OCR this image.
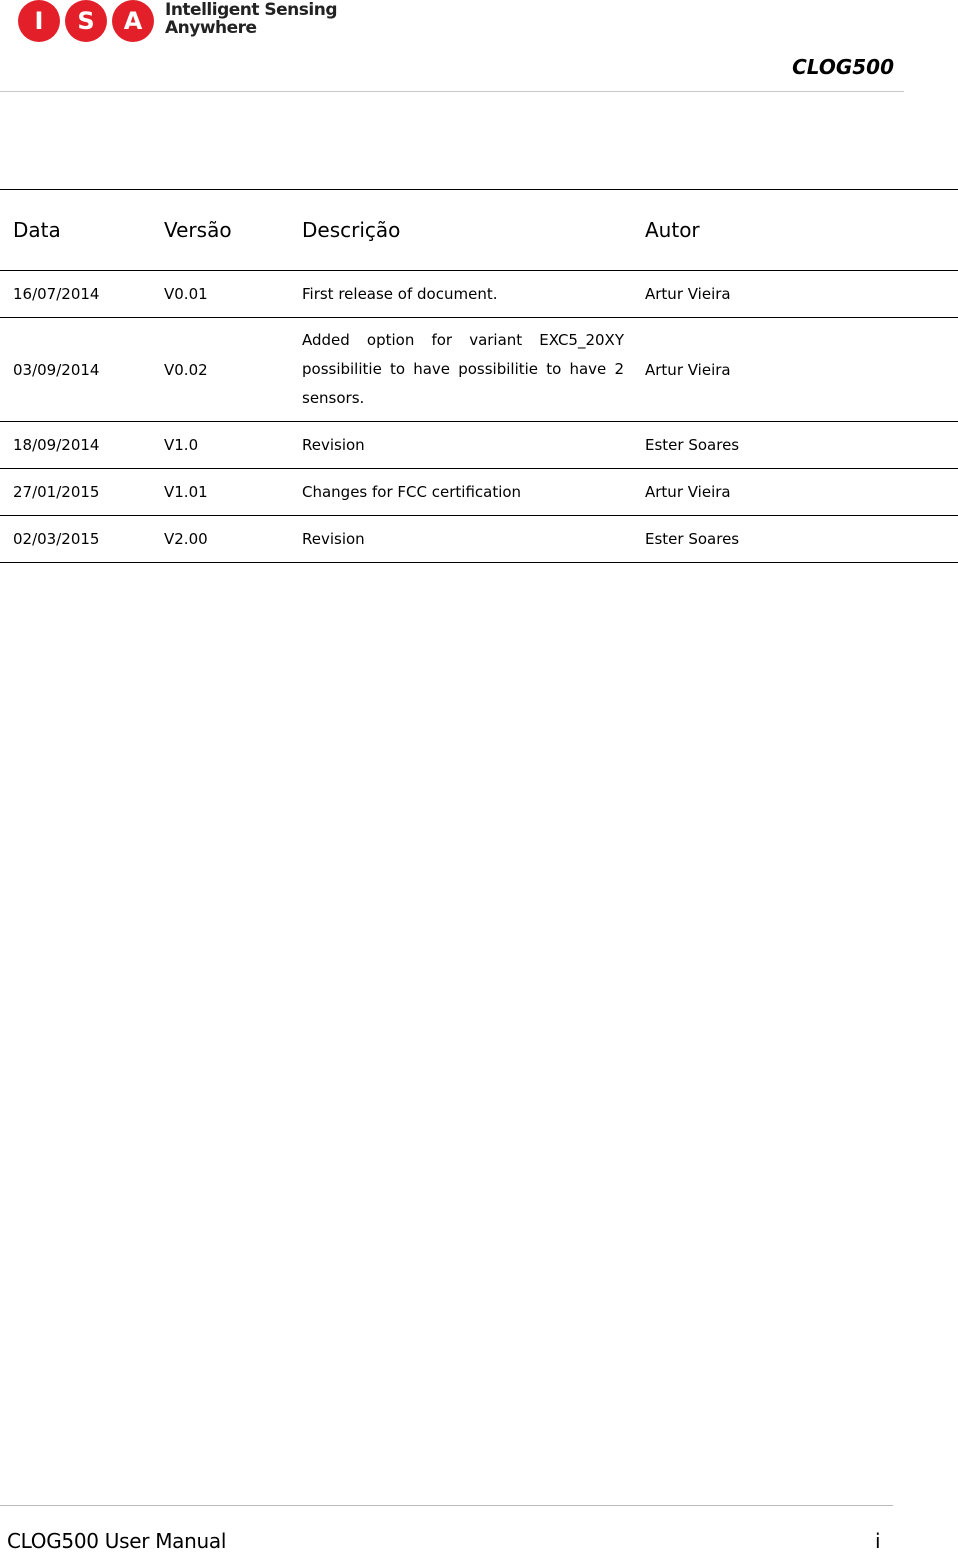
I	S	A	Intelligent Sensing
Anywhere
CLOG500
Data	Versão	Descrição	Autor
16/07/2014	V0.01	First release of document.	Artur Vieira
03/09/2014	V0.02	Added option for variant EXC5_20XY possibilitie to have possibilitie to have 2 sensors.	Artur Vieira
18/09/2014	V1.0	Revision	Ester Soares
27/01/2015	V1.01	Changes for FCC certification	Artur Vieira
02/03/2015	V2.00	Revision	Ester Soares
CLOG500 User Manual	i
